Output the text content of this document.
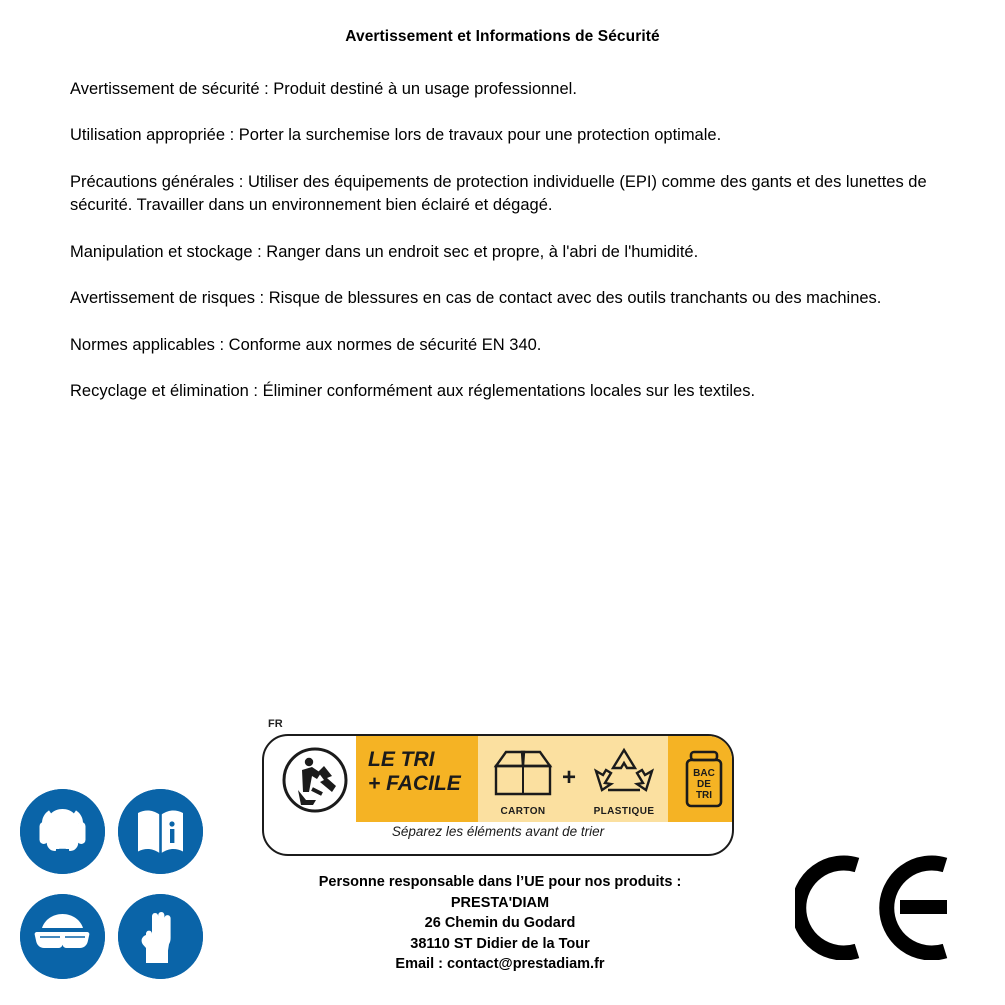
Avertissement et Informations de Sécurité

Avertissement de sécurité : Produit destiné à un usage professionnel.

Utilisation appropriée : Porter la surchemise lors de travaux pour une protection optimale.

Précautions générales : Utiliser des équipements de protection individuelle (EPI) comme des gants et des lunettes de sécurité. Travailler dans un environnement bien éclairé et dégagé.

Manipulation et stockage : Ranger dans un endroit sec et propre, à l'abri de l'humidité.

Avertissement de risques : Risque de blessures en cas de contact avec des outils tranchants ou des machines.

Normes applicables : Conforme aux normes de sécurité EN 340.

Recyclage et élimination : Éliminer conformément aux réglementations locales sur les textiles.

FR
LE TRI
+ FACILE
CARTON
+
PLASTIQUE
BAC
DE
TRI
Séparez les éléments avant de trier
Personne responsable dans l’UE pour nos produits :
PRESTA'DIAM
26 Chemin du Godard
38110 ST Didier de la Tour
Email : contact@prestadiam.fr
